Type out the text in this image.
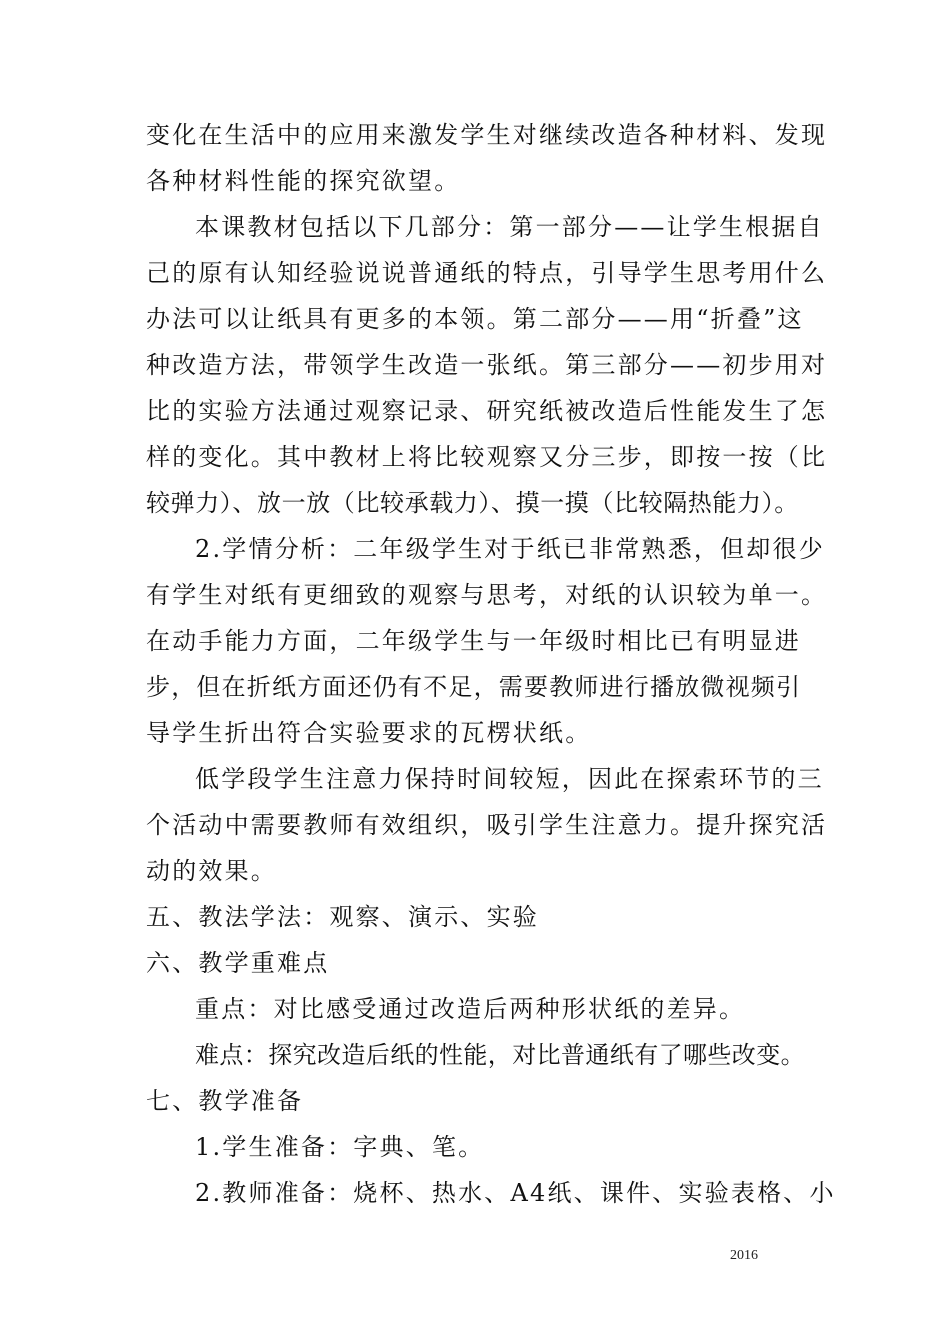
变化在生活中的应用来激发学生对继续改造各种材料、发现
各种材料性能的探究欲望。
本课教材包括以下几部分：第一部分——让学生根据自
己的原有认知经验说说普通纸的特点，引导学生思考用什么
办法可以让纸具有更多的本领。第二部分——用“折叠”这
种改造方法，带领学生改造一张纸。第三部分——初步用对
比的实验方法通过观察记录、研究纸被改造后性能发生了怎
样的变化。其中教材上将比较观察又分三步，即按一按（比
较弹力）、放一放（比较承载力）、摸一摸（比较隔热能力）。
2.学情分析：二年级学生对于纸已非常熟悉，但却很少
有学生对纸有更细致的观察与思考，对纸的认识较为单一。
在动手能力方面，二年级学生与一年级时相比已有明显进
步，但在折纸方面还仍有不足，需要教师进行播放微视频引
导学生折出符合实验要求的瓦楞状纸。
低学段学生注意力保持时间较短，因此在探索环节的三
个活动中需要教师有效组织，吸引学生注意力。提升探究活
动的效果。
五、教法学法：观察、演示、实验
六、教学重难点
重点：对比感受通过改造后两种形状纸的差异。
难点：探究改造后纸的性能，对比普通纸有了哪些改变。
七、教学准备
1.学生准备：字典、笔。
2.教师准备：烧杯、热水、A4纸、课件、实验表格、小
2016
